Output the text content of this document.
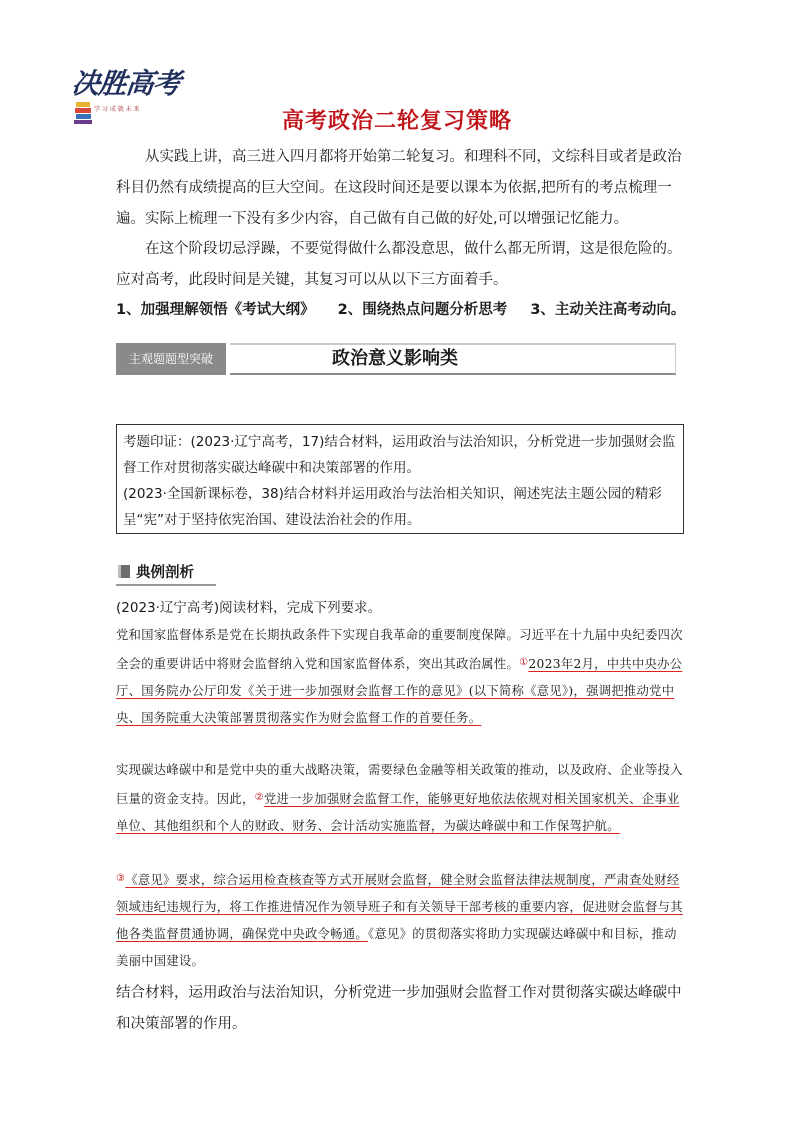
决胜高考
学 习 成 就 未 来	高考政治二轮复习策略

从实践上讲，高三进入四月都将开始第二轮复习。和理科不同，文综科目或者是政治科目仍然有成绩提高的巨大空间。在这段时间还是要以课本为依据,把所有的考点梳理一遍。实际上梳理一下没有多少内容，自己做有自己做的好处,可以增强记忆能力。

在这个阶段切忌浮躁，不要觉得做什么都没意思，做什么都无所谓，这是很危险的。应对高考，此段时间是关键，其复习可以从以下三方面着手。

1、加强理解领悟《考试大纲》 2、围绕热点问题分析思考 3、主动关注高考动向。
主观题题型突破	政治意义影响类

考题印证：(2023·辽宁高考，17)结合材料，运用政治与法治知识，分析党进一步加强财会监督工作对贯彻落实碳达峰碳中和决策部署的作用。

(2023·全国新课标卷，38)结合材料并运用政治与法治相关知识，阐述宪法主题公园的精彩呈“宪”对于坚持依宪治国、建设法治社会的作用。

典例剖析
(2023·辽宁高考)阅读材料，完成下列要求。

党和国家监督体系是党在长期执政条件下实现自我革命的重要制度保障。习近平在十九届中央纪委四次全会的重要讲话中将财会监督纳入党和国家监督体系，突出其政治属性。①2023年2月，中共中央办公厅、国务院办公厅印发《关于进一步加强财会监督工作的意见》(以下简称《意见》)，强调把推动党中央、国务院重大决策部署贯彻落实作为财会监督工作的首要任务。

实现碳达峰碳中和是党中央的重大战略决策，需要绿色金融等相关政策的推动，以及政府、企业等投入巨量的资金支持。因此，②党进一步加强财会监督工作，能够更好地依法依规对相关国家机关、企事业单位、其他组织和个人的财政、财务、会计活动实施监督，为碳达峰碳中和工作保驾护航。

③《意见》要求，综合运用检查核查等方式开展财会监督，健全财会监督法律法规制度，严肃查处财经领域违纪违规行为，将工作推进情况作为领导班子和有关领导干部考核的重要内容，促进财会监督与其他各类监督贯通协调，确保党中央政令畅通。《意见》的贯彻落实将助力实现碳达峰碳中和目标，推动美丽中国建设。

结合材料，运用政治与法治知识，分析党进一步加强财会监督工作对贯彻落实碳达峰碳中和决策部署的作用。
